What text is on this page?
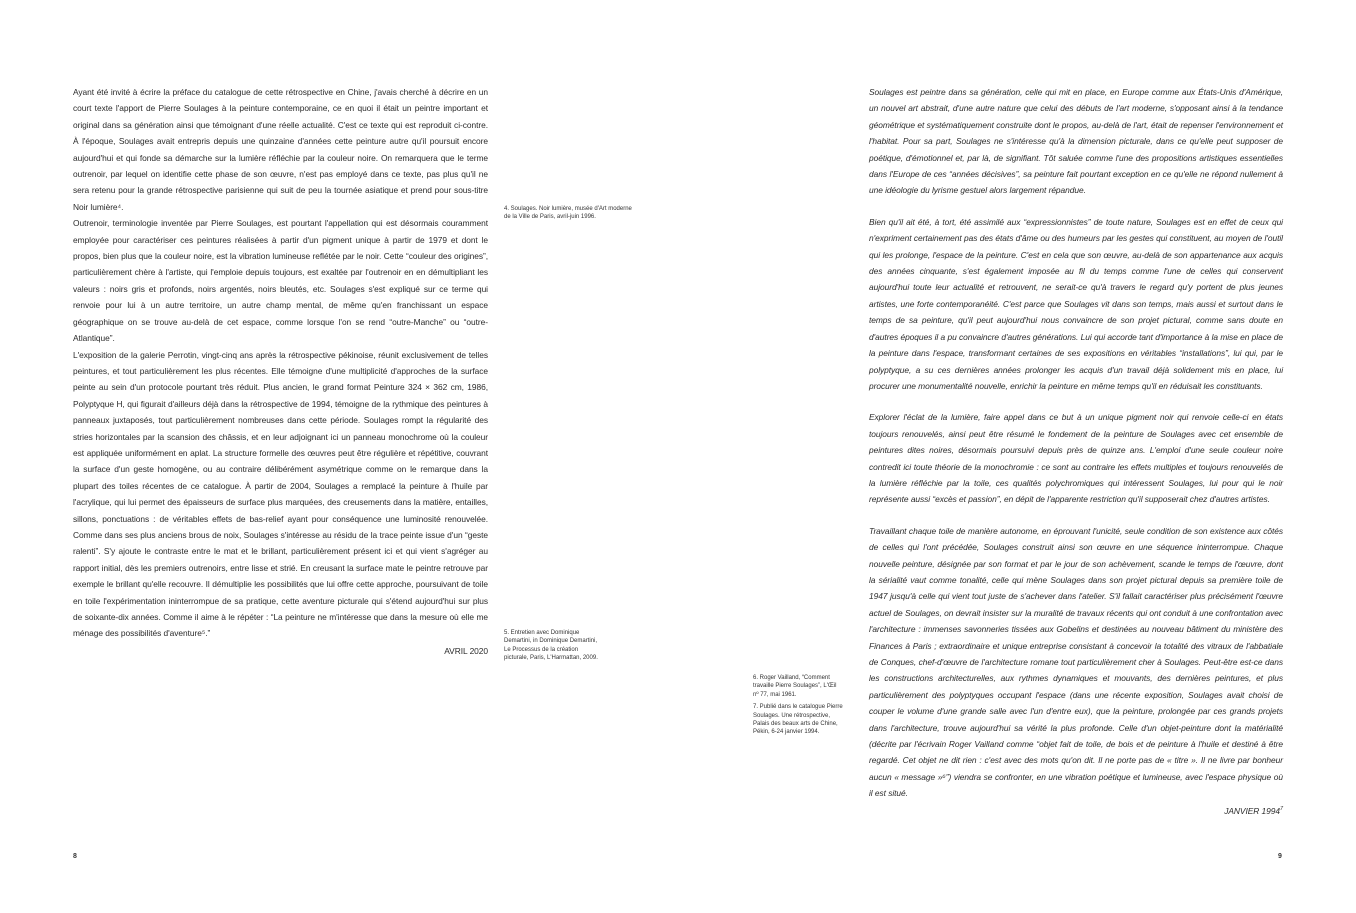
Ayant été invité à écrire la préface du catalogue de cette rétrospective en Chine, j'avais cherché à décrire en un court texte l'apport de Pierre Soulages à la peinture contemporaine, ce en quoi il était un peintre important et original dans sa génération ainsi que témoignant d'une réelle actualité. C'est ce texte qui est reproduit ci-contre. À l'époque, Soulages avait entrepris depuis une quinzaine d'années cette peinture autre qu'il poursuit encore aujourd'hui et qui fonde sa démarche sur la lumière réfléchie par la couleur noire. On remarquera que le terme outrenoir, par lequel on identifie cette phase de son œuvre, n'est pas employé dans ce texte, pas plus qu'il ne sera retenu pour la grande rétrospective parisienne qui suit de peu la tournée asiatique et prend pour sous-titre Noir lumière⁴.

Outrenoir, terminologie inventée par Pierre Soulages, est pourtant l'appellation qui est désormais couramment employée pour caractériser ces peintures réalisées à partir d'un pigment unique à partir de 1979 et dont le propos, bien plus que la couleur noire, est la vibration lumineuse reflétée par le noir. Cette “couleur des origines”, particulièrement chère à l'artiste, qui l'emploie depuis toujours, est exaltée par l'outrenoir en en démultipliant les valeurs : noirs gris et profonds, noirs argentés, noirs bleutés, etc. Soulages s'est expliqué sur ce terme qui renvoie pour lui à un autre territoire, un autre champ mental, de même qu'en franchissant un espace géographique on se trouve au-delà de cet espace, comme lorsque l'on se rend “outre-Manche” ou “outre-Atlantique”.

L'exposition de la galerie Perrotin, vingt-cinq ans après la rétrospective pékinoise, réunit exclusivement de telles peintures, et tout particulièrement les plus récentes. Elle témoigne d'une multiplicité d'approches de la surface peinte au sein d'un protocole pourtant très réduit. Plus ancien, le grand format Peinture 324 × 362 cm, 1986, Polyptyque H, qui figurait d'ailleurs déjà dans la rétrospective de 1994, témoigne de la rythmique des peintures à panneaux juxtaposés, tout particulièrement nombreuses dans cette période. Soulages rompt la régularité des stries horizontales par la scansion des châssis, et en leur adjoignant ici un panneau monochrome où la couleur est appliquée uniformément en aplat. La structure formelle des œuvres peut être régulière et répétitive, couvrant la surface d'un geste homogène, ou au contraire délibérément asymétrique comme on le remarque dans la plupart des toiles récentes de ce catalogue. À partir de 2004, Soulages a remplacé la peinture à l'huile par l'acrylique, qui lui permet des épaisseurs de surface plus marquées, des creusements dans la matière, entailles, sillons, ponctuations : de véritables effets de bas-relief ayant pour conséquence une luminosité renouvelée. Comme dans ses plus anciens brous de noix, Soulages s'intéresse au résidu de la trace peinte issue d'un “geste ralenti”. S'y ajoute le contraste entre le mat et le brillant, particulièrement présent ici et qui vient s'agréger au rapport initial, dès les premiers outrenoirs, entre lisse et strié. En creusant la surface mate le peintre retrouve par exemple le brillant qu'elle recouvre. Il démultiplie les possibilités que lui offre cette approche, poursuivant de toile en toile l'expérimentation ininterrompue de sa pratique, cette aventure picturale qui s'étend aujourd'hui sur plus de soixante-dix années. Comme il aime à le répéter : “La peinture ne m'intéresse que dans la mesure où elle me ménage des possibilités d'aventure⁵.”

AVRIL 2020

4. Soulages. Noir lumière, musée d'Art moderne de la Ville de Paris, avril-juin 1996.

5. Entretien avec Dominique Demartini, in Dominique Demartini, Le Processus de la création picturale, Paris, L'Harmattan, 2009.

8

6. Roger Vailland, “Comment travaille Pierre Soulages”, L'Œil nº 77, mai 1961.

7. Publié dans le catalogue Pierre Soulages. Une rétrospective, Palais des beaux arts de Chine, Pékin, 6-24 janvier 1994.

Soulages est peintre dans sa génération, celle qui mit en place, en Europe comme aux États-Unis d'Amérique, un nouvel art abstrait, d'une autre nature que celui des débuts de l'art moderne, s'opposant ainsi à la tendance géométrique et systématiquement construite dont le propos, au-delà de l'art, était de repenser l'environnement et l'habitat. Pour sa part, Soulages ne s'intéresse qu'à la dimension picturale, dans ce qu'elle peut supposer de poétique, d'émotionnel et, par là, de signifiant. Tôt saluée comme l'une des propositions artistiques essentielles dans l'Europe de ces “années décisives”, sa peinture fait pourtant exception en ce qu'elle ne répond nullement à une idéologie du lyrisme gestuel alors largement répandue.

Bien qu'il ait été, à tort, été assimilé aux “expressionnistes” de toute nature, Soulages est en effet de ceux qui n'expriment certainement pas des états d'âme ou des humeurs par les gestes qui constituent, au moyen de l'outil qui les prolonge, l'espace de la peinture. C'est en cela que son œuvre, au-delà de son appartenance aux acquis des années cinquante, s'est également imposée au fil du temps comme l'une de celles qui conservent aujourd'hui toute leur actualité et retrouvent, ne serait-ce qu'à travers le regard qu'y portent de plus jeunes artistes, une forte contemporanéité. C'est parce que Soulages vit dans son temps, mais aussi et surtout dans le temps de sa peinture, qu'il peut aujourd'hui nous convaincre de son projet pictural, comme sans doute en d'autres époques il a pu convaincre d'autres générations. Lui qui accorde tant d'importance à la mise en place de la peinture dans l'espace, transformant certaines de ses expositions en véritables “installations”, lui qui, par le polyptyque, a su ces dernières années prolonger les acquis d'un travail déjà solidement mis en place, lui procurer une monumentalité nouvelle, enrichir la peinture en même temps qu'il en réduisait les constituants.

Explorer l'éclat de la lumière, faire appel dans ce but à un unique pigment noir qui renvoie celle-ci en états toujours renouvelés, ainsi peut être résumé le fondement de la peinture de Soulages avec cet ensemble de peintures dites noires, désormais poursuivi depuis près de quinze ans. L'emploi d'une seule couleur noire contredit ici toute théorie de la monochromie : ce sont au contraire les effets multiples et toujours renouvelés de la lumière réfléchie par la toile, ces qualités polychromiques qui intéressent Soulages, lui pour qui le noir représente aussi “excès et passion”, en dépit de l'apparente restriction qu'il supposerait chez d'autres artistes.

Travaillant chaque toile de manière autonome, en éprouvant l'unicité, seule condition de son existence aux côtés de celles qui l'ont précédée, Soulages construit ainsi son œuvre en une séquence ininterrompue. Chaque nouvelle peinture, désignée par son format et par le jour de son achèvement, scande le temps de l'œuvre, dont la sérialité vaut comme tonalité, celle qui mène Soulages dans son projet pictural depuis sa première toile de 1947 jusqu'à celle qui vient tout juste de s'achever dans l'atelier. S'il fallait caractériser plus précisément l'œuvre actuel de Soulages, on devrait insister sur la muralité de travaux récents qui ont conduit à une confrontation avec l'architecture : immenses savonneries tissées aux Gobelins et destinées au nouveau bâtiment du ministère des Finances à Paris ; extraordinaire et unique entreprise consistant à concevoir la totalité des vitraux de l'abbatiale de Conques, chef-d'œuvre de l'architecture romane tout particulièrement cher à Soulages. Peut-être est-ce dans les constructions architecturelles, aux rythmes dynamiques et mouvants, des dernières peintures, et plus particulièrement des polyptyques occupant l'espace (dans une récente exposition, Soulages avait choisi de couper le volume d'une grande salle avec l'un d'entre eux), que la peinture, prolongée par ces grands projets dans l'architecture, trouve aujourd'hui sa vérité la plus profonde. Celle d'un objet-peinture dont la matérialité (décrite par l'écrivain Roger Vailland comme “objet fait de toile, de bois et de peinture à l'huile et destiné à être regardé. Cet objet ne dit rien : c'est avec des mots qu'on dit. Il ne porte pas de « titre ». Il ne livre par bonheur aucun « message »⁶”) viendra se confronter, en une vibration poétique et lumineuse, avec l'espace physique où il est situé.

JANVIER 1994$^7$
9
